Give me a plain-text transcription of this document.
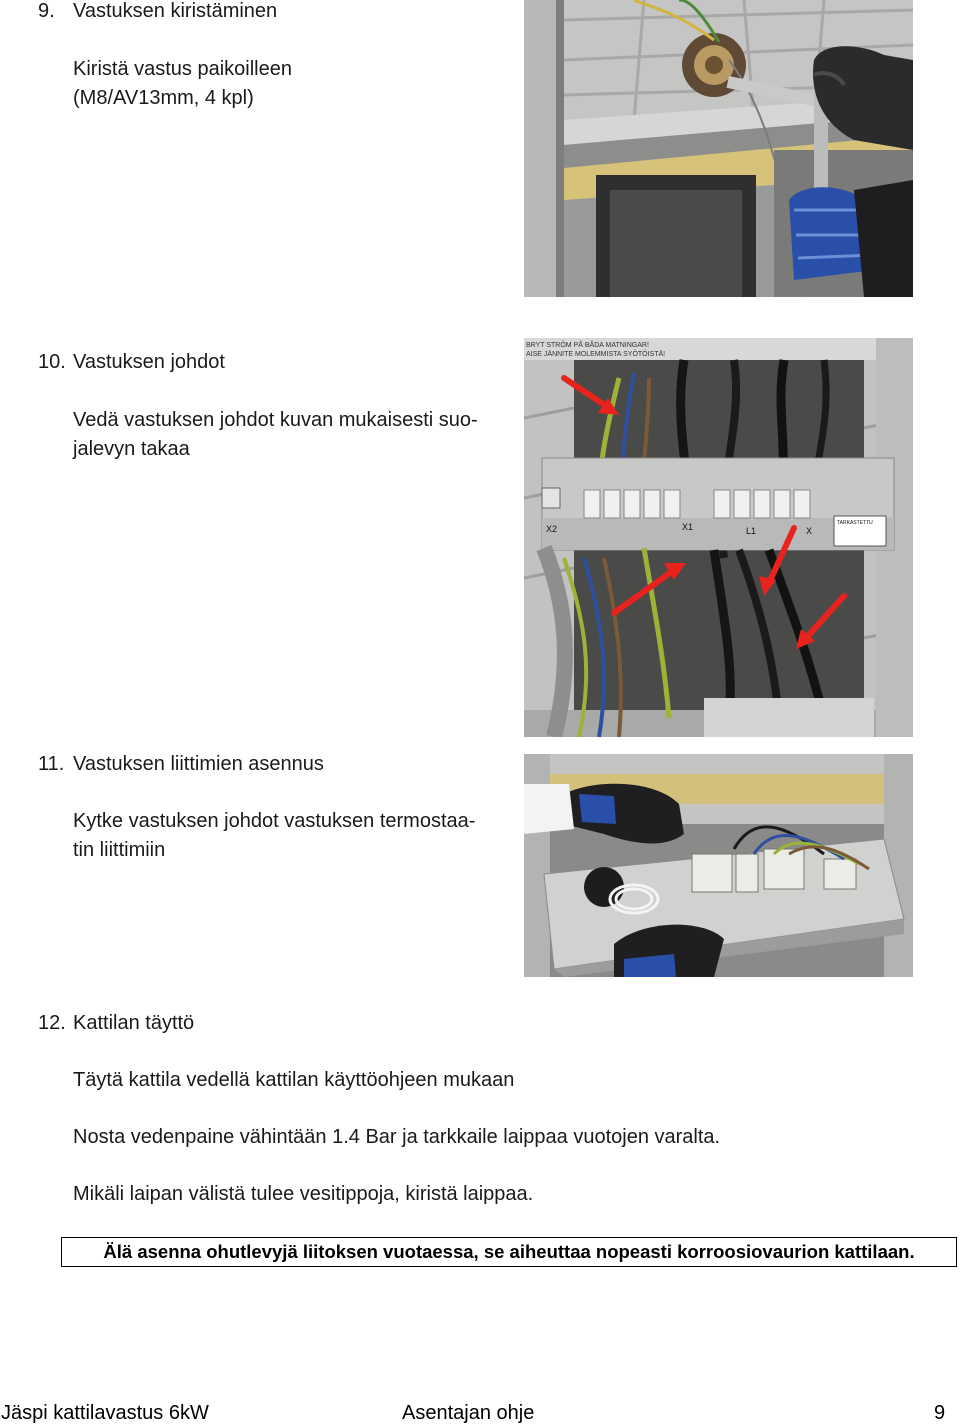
9. Vastuksen kiristäminen
Kiristä vastus paikoilleen
(M8/AV13mm, 4 kpl)
10. Vastuksen johdot
Vedä vastuksen johdot kuvan mukaisesti suo-
jalevyn takaa
BRYT STRÖM PÅ BÅDA MATNINGAR!
AISE JÄNNITE MOLEMMISTA SYÖTÖISTÄ!
X2	X1	L1	X
TARKASTETTU
11. Vastuksen liittimien asennus
Kytke vastuksen johdot vastuksen termostaa-
tin liittimiin
12. Kattilan täyttö
Täytä kattila vedellä kattilan käyttöohjeen mukaan
Nosta vedenpaine vähintään 1.4 Bar ja tarkkaile laippaa vuotojen varalta.
Mikäli laipan välistä tulee vesitippoja, kiristä laippaa.
Älä asenna ohutlevyjä liitoksen vuotaessa, se aiheuttaa nopeasti korroosiovaurion kattilaan.
Jäspi kattilavastus 6kW	Asentajan ohje	9
